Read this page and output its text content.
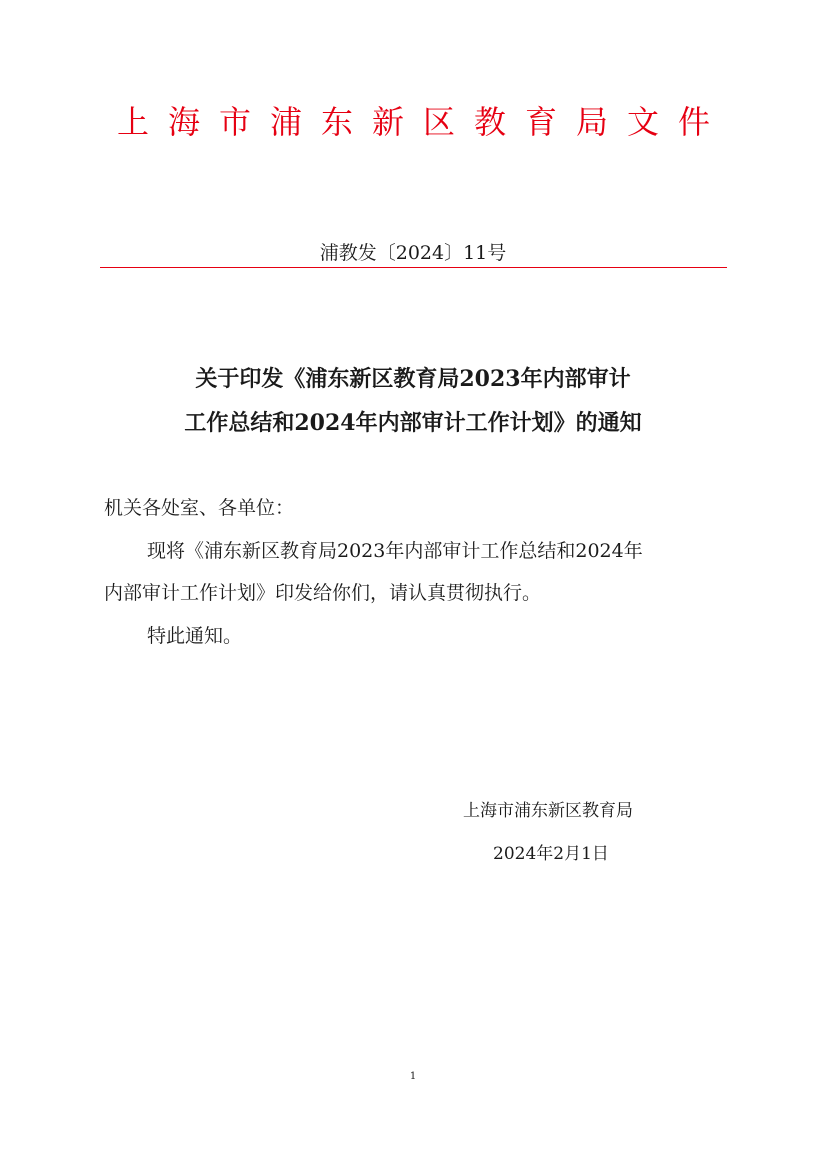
上海市浦东新区教育局文件
浦教发〔2024〕11号
关于印发《浦东新区教育局2023年内部审计
工作总结和2024年内部审计工作计划》的通知
机关各处室、各单位：
现将《浦东新区教育局2023年内部审计工作总结和2024年
内部审计工作计划》印发给你们，请认真贯彻执行。
特此通知。
上海市浦东新区教育局
2024年2月1日
1
